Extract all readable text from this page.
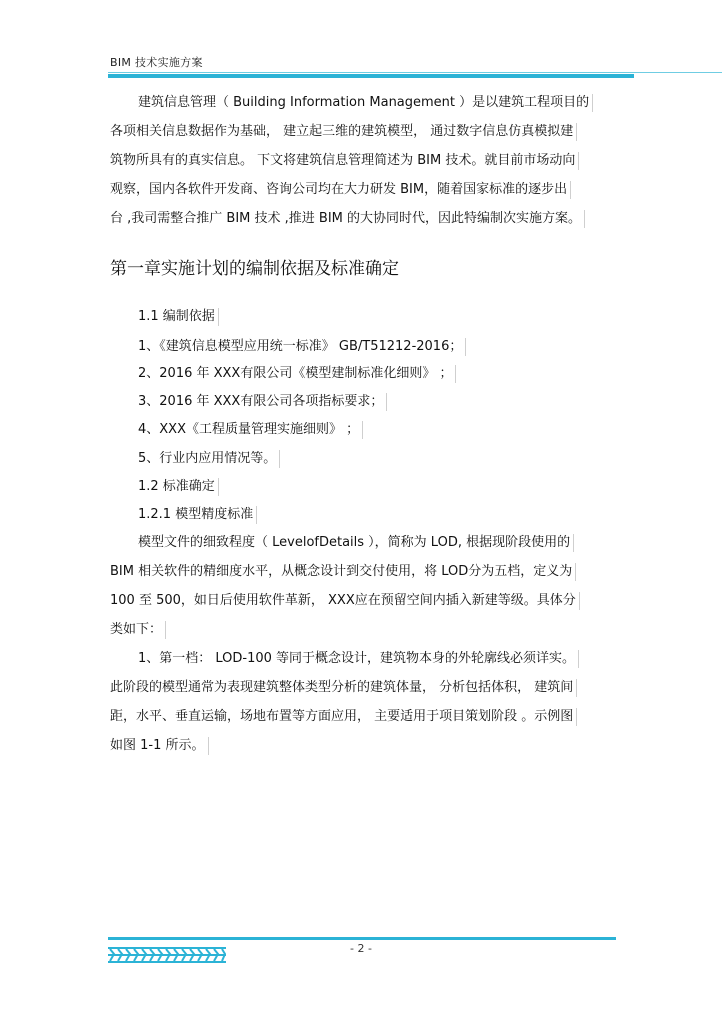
BIM 技术实施方案
建筑信息管理（ Building Information Management ）是以建筑工程项目的
各项相关信息数据作为基础， 建立起三维的建筑模型， 通过数字信息仿真模拟建
筑物所具有的真实信息。 下文将建筑信息管理简述为 BIM 技术。就目前市场动向
观察，国内各软件开发商、咨询公司均在大力研发 BIM，随着国家标准的逐步出
台 ,我司需整合推广 BIM 技术 ,推进 BIM 的大协同时代，因此特编制次实施方案。
第一章实施计划的编制依据及标准确定
1.1 编制依据
1、《建筑信息模型应用统一标准》 GB/T51212-2016；
2、2016 年 XXX有限公司《模型建制标准化细则》 ；
3、2016 年 XXX有限公司各项指标要求；
4、XXX《工程质量管理实施细则》 ；
5、行业内应用情况等。
1.2 标准确定
1.2.1 模型精度标准
模型文件的细致程度（ LevelofDetails ），简称为 LOD, 根据现阶段使用的
BIM 相关软件的精细度水平，从概念设计到交付使用，将 LOD分为五档，定义为
100 至 500，如日后使用软件革新， XXX应在预留空间内插入新建等级。具体分
类如下：
1、第一档： LOD-100 等同于概念设计，建筑物本身的外轮廓线必须详实。
此阶段的模型通常为表现建筑整体类型分析的建筑体量， 分析包括体积， 建筑间
距，水平、垂直运输，场地布置等方面应用， 主要适用于项目策划阶段 。示例图
如图 1-1 所示。
- 2 -
